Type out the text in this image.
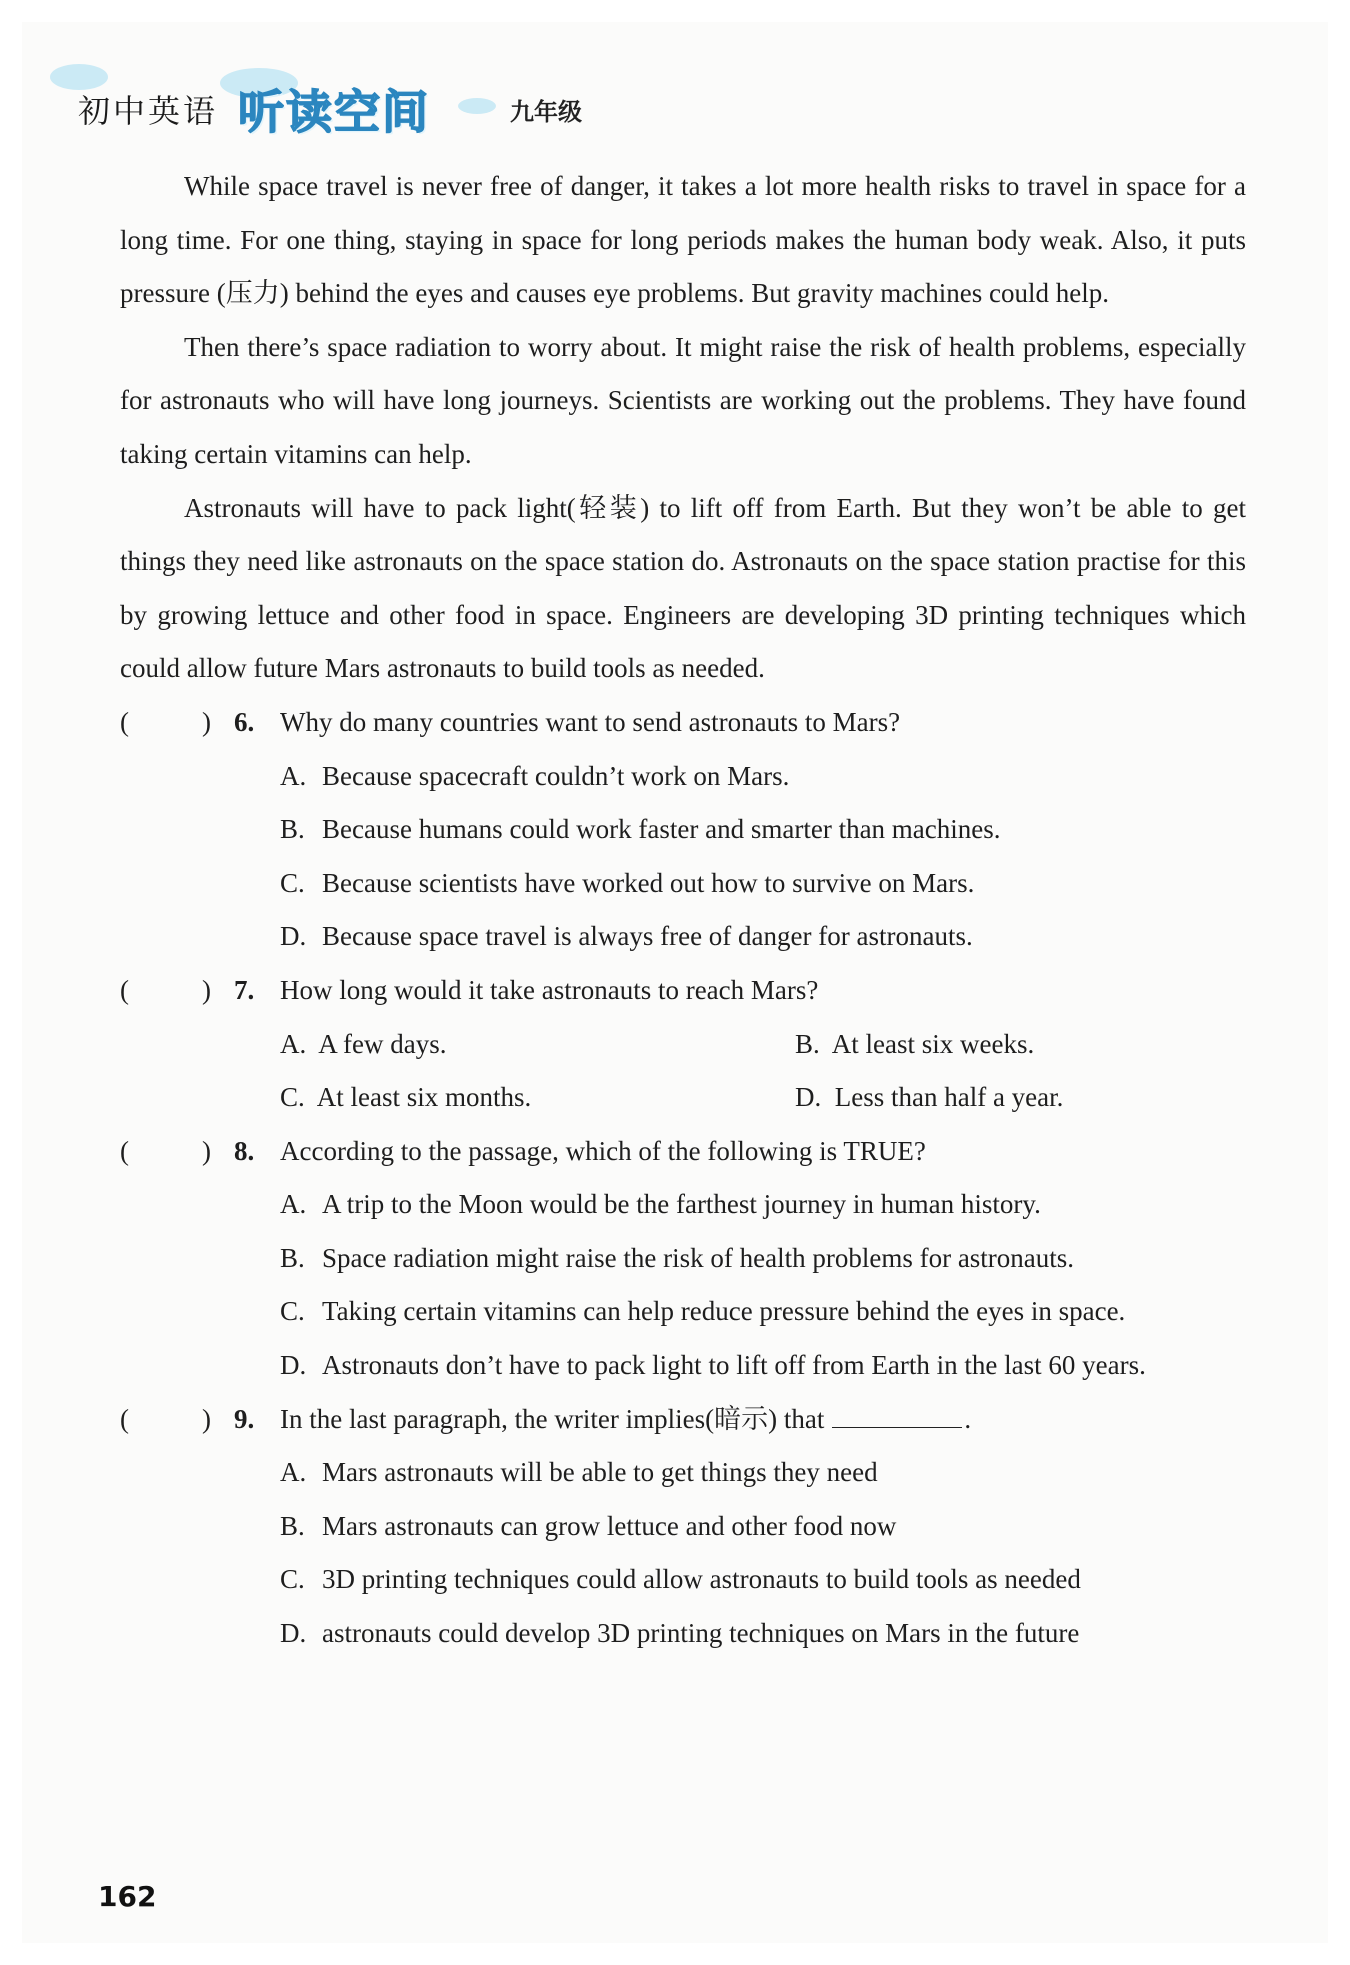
初中英语 听读空间	九年级

While space travel is never free of danger, it takes a lot more health risks to travel in space for a long time. For one thing, staying in space for long periods makes the human body weak. Also, it puts pressure (压力) behind the eyes and causes eye problems. But gravity machines could help.

Then there’s space radiation to worry about. It might raise the risk of health problems, especially for astronauts who will have long journeys. Scientists are working out the problems. They have found taking certain vitamins can help.

Astronauts will have to pack light(轻装) to lift off from Earth. But they won’t be able to get things they need like astronauts on the space station do. Astronauts on the space station practise for this by growing lettuce and other food in space. Engineers are developing 3D printing techniques which could allow future Mars astronauts to build tools as needed.

(	) 6. Why do many countries want to send astronauts to Mars?
A. Because spacecraft couldn’t work on Mars.
B. Because humans could work faster and smarter than machines.
C. Because scientists have worked out how to survive on Mars.
D. Because space travel is always free of danger for astronauts.
(	) 7. How long would it take astronauts to reach Mars?
A. A few days.	B. At least six weeks.
C. At least six months.	D. Less than half a year.
(	) 8. According to the passage, which of the following is TRUE?
A. A trip to the Moon would be the farthest journey in human history.
B. Space radiation might raise the risk of health problems for astronauts.
C. Taking certain vitamins can help reduce pressure behind the eyes in space.
D. Astronauts don’t have to pack light to lift off from Earth in the last 60 years.
(	) 9. In the last paragraph, the writer implies(暗示) that	.
A. Mars astronauts will be able to get things they need
B. Mars astronauts can grow lettuce and other food now
C. 3D printing techniques could allow astronauts to build tools as needed
D. astronauts could develop 3D printing techniques on Mars in the future
162
